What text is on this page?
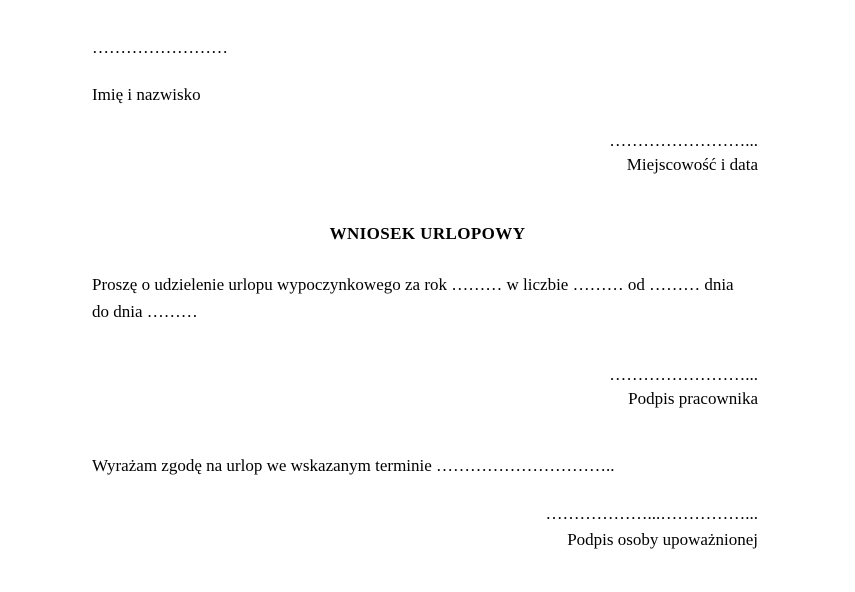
……………………
Imię i nazwisko
……………………...
Miejscowość i data
WNIOSEK URLOPOWY
Proszę o udzielenie urlopu wypoczynkowego za rok ……… w liczbie ……… od ……… dnia
do dnia ………
……………………...
Podpis pracownika
Wyrażam zgodę na urlop we wskazanym terminie …………………………..
………………...……………...
Podpis osoby upoważnionej
